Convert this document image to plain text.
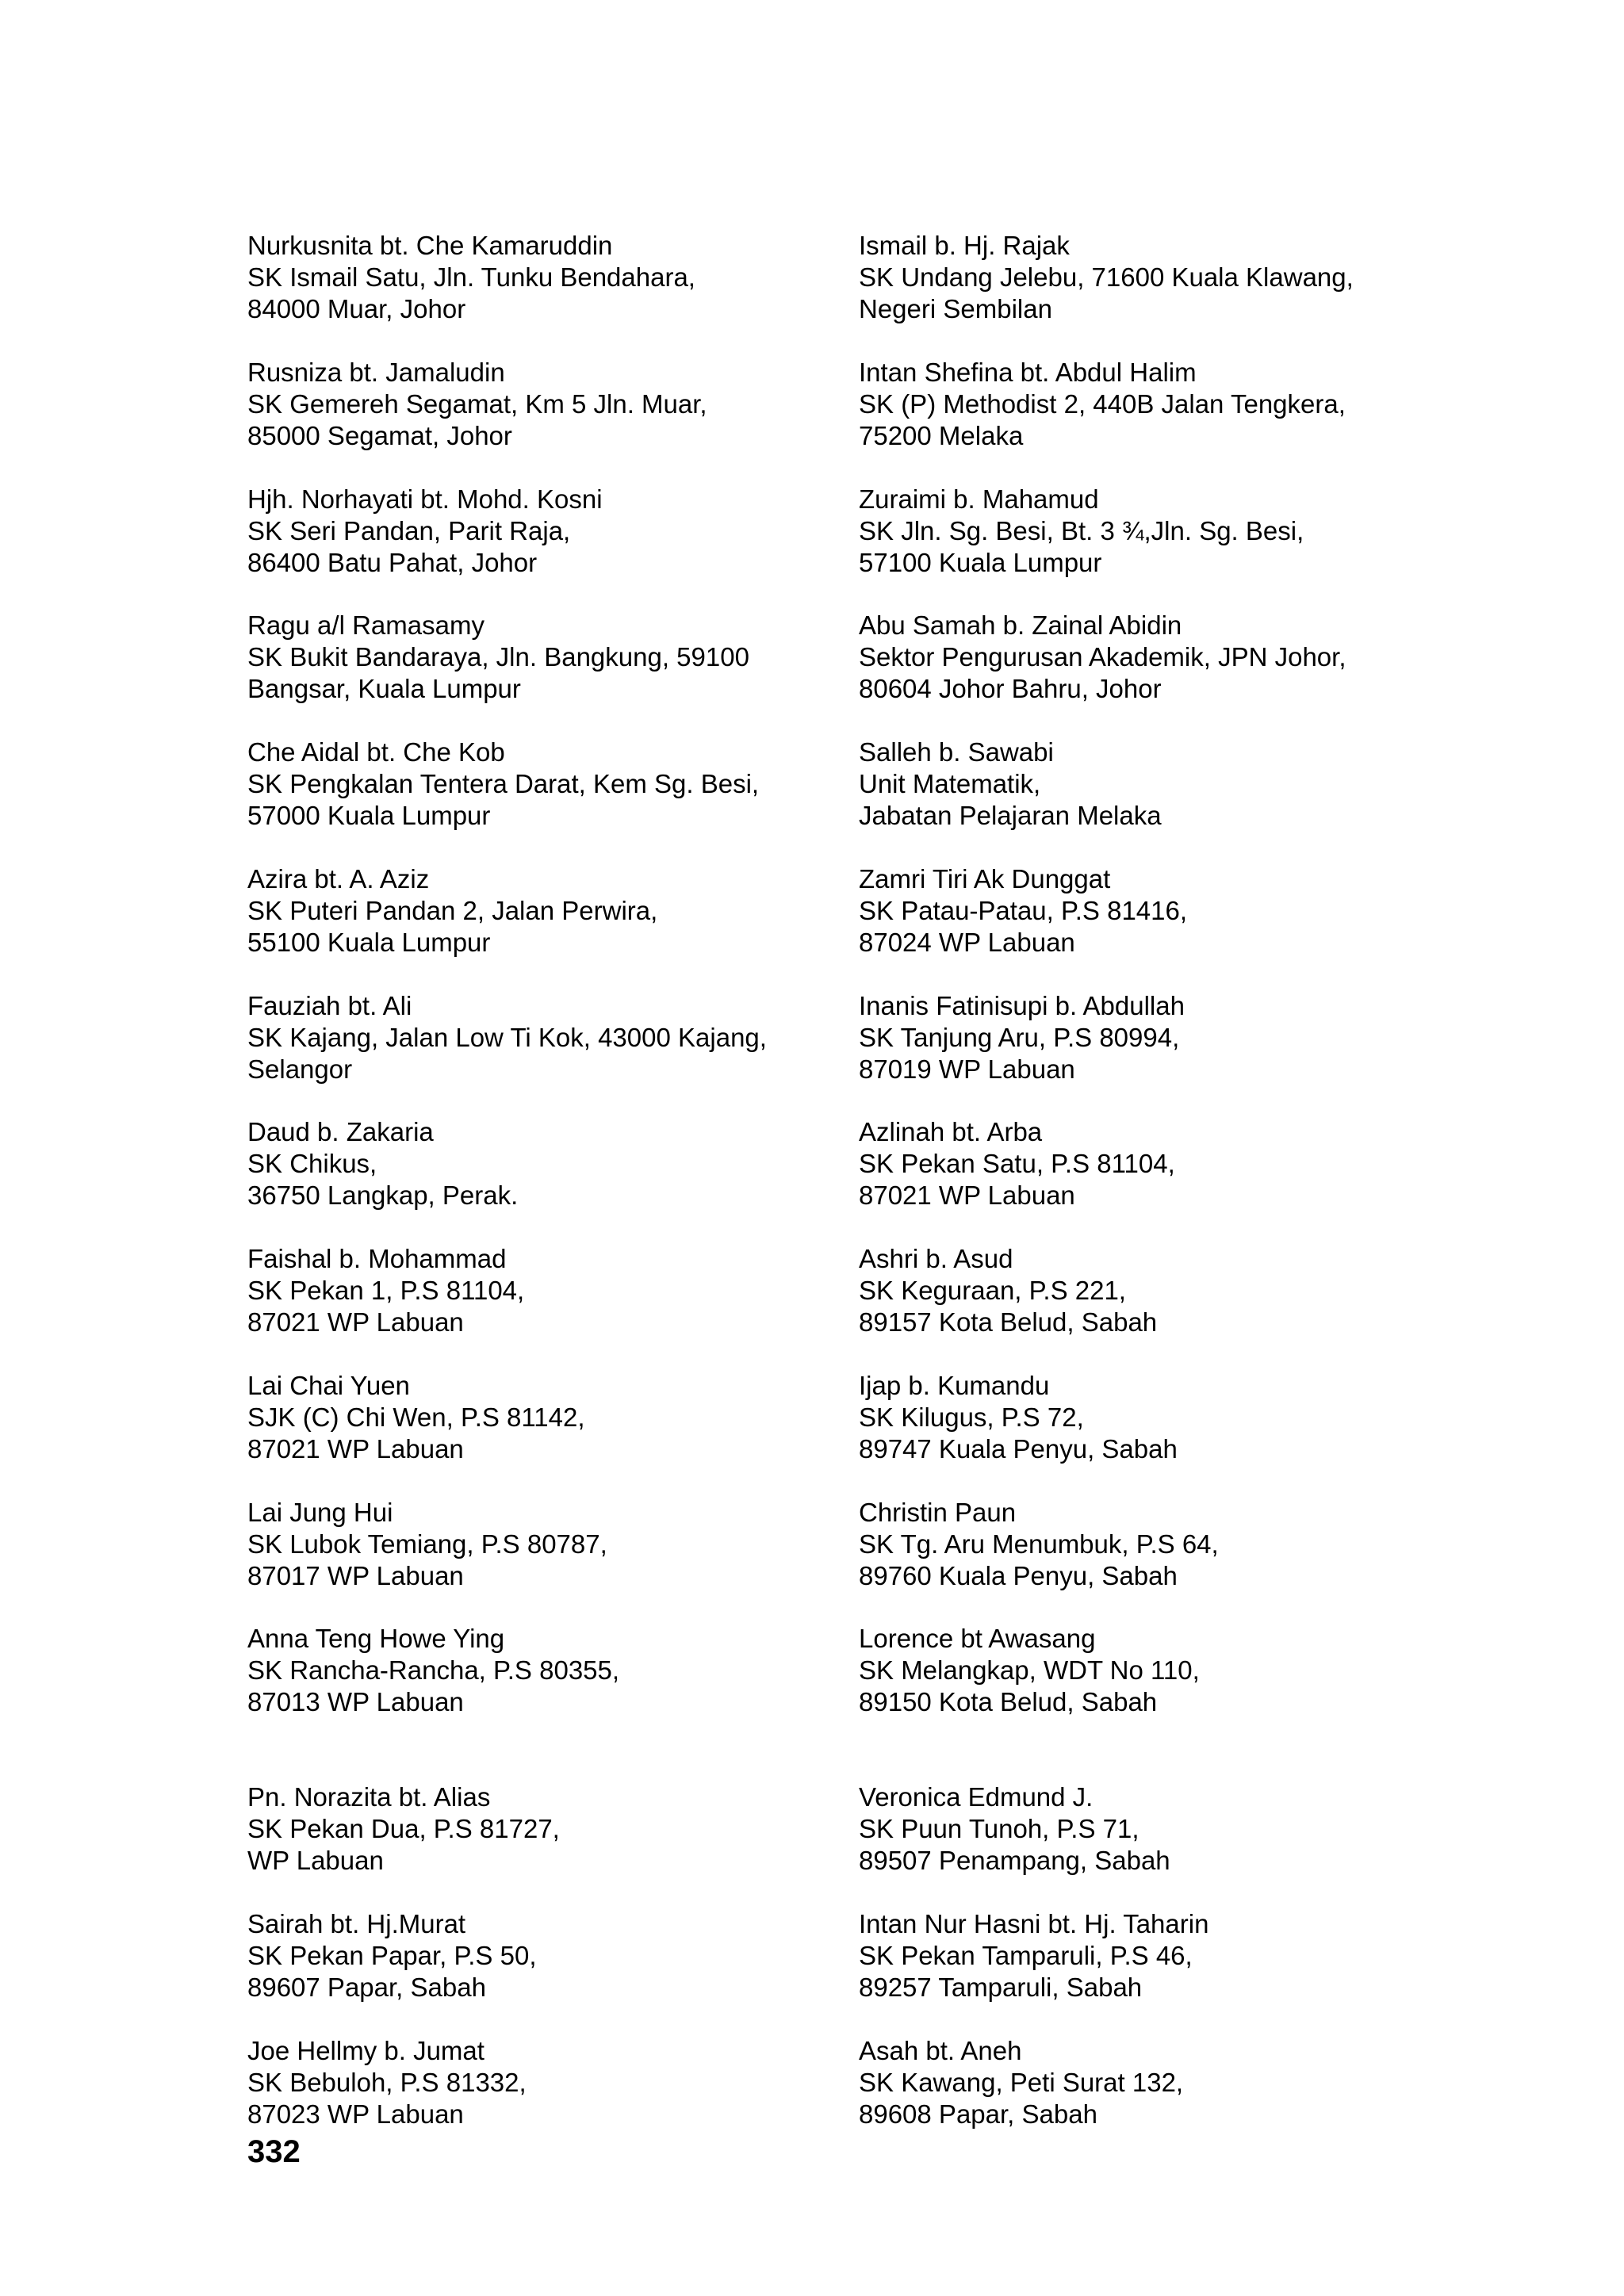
Nurkusnita bt. Che Kamaruddin
SK Ismail Satu, Jln. Tunku Bendahara,
84000 Muar, Johor
Rusniza bt. Jamaludin
SK Gemereh Segamat, Km 5 Jln. Muar,
85000 Segamat, Johor
Hjh. Norhayati bt. Mohd. Kosni
SK Seri Pandan, Parit Raja,
86400 Batu Pahat, Johor
Ragu a/l Ramasamy
SK Bukit Bandaraya, Jln. Bangkung, 59100
Bangsar, Kuala Lumpur
Che Aidal bt. Che Kob
SK Pengkalan Tentera Darat, Kem Sg. Besi,
57000 Kuala Lumpur
Azira bt. A. Aziz
SK Puteri Pandan 2, Jalan Perwira,
55100 Kuala Lumpur
Fauziah bt. Ali
SK Kajang, Jalan Low Ti Kok, 43000 Kajang,
Selangor
Daud b. Zakaria
SK Chikus,
36750 Langkap, Perak.
Faishal b. Mohammad
SK Pekan 1, P.S 81104,
87021 WP Labuan
Lai Chai Yuen
SJK (C) Chi Wen, P.S 81142,
87021 WP Labuan
Lai Jung Hui
SK Lubok Temiang, P.S 80787,
87017 WP Labuan
Anna Teng Howe Ying
SK Rancha-Rancha, P.S 80355,
87013 WP Labuan
Pn. Norazita bt. Alias
SK Pekan Dua, P.S 81727,
WP Labuan
Sairah bt. Hj.Murat
SK Pekan Papar, P.S 50,
89607 Papar, Sabah
Joe Hellmy b. Jumat
SK Bebuloh, P.S 81332,
87023 WP Labuan
Ismail b. Hj. Rajak
SK Undang Jelebu, 71600 Kuala Klawang,
Negeri Sembilan
Intan Shefina bt. Abdul Halim
SK (P) Methodist 2, 440B Jalan Tengkera,
75200 Melaka
Zuraimi b. Mahamud
SK Jln. Sg. Besi, Bt. 3 ¾,Jln. Sg. Besi,
57100 Kuala Lumpur
Abu Samah b. Zainal Abidin
Sektor Pengurusan Akademik, JPN Johor,
80604 Johor Bahru, Johor
Salleh b. Sawabi
Unit Matematik,
Jabatan Pelajaran Melaka
Zamri Tiri Ak Dunggat
SK Patau-Patau, P.S 81416,
87024 WP Labuan
Inanis Fatinisupi b. Abdullah
SK Tanjung Aru, P.S 80994,
87019 WP Labuan
Azlinah bt. Arba
SK Pekan Satu, P.S 81104,
87021 WP Labuan
Ashri b. Asud
SK Keguraan, P.S 221,
89157 Kota Belud, Sabah
Ijap b. Kumandu
SK Kilugus, P.S 72,
89747 Kuala Penyu, Sabah
Christin Paun
SK Tg. Aru Menumbuk, P.S 64,
89760 Kuala Penyu, Sabah
Lorence bt Awasang
SK Melangkap, WDT No 110,
89150 Kota Belud, Sabah
Veronica Edmund J.
SK Puun Tunoh, P.S 71,
89507 Penampang, Sabah
Intan Nur Hasni bt. Hj. Taharin
SK Pekan Tamparuli, P.S 46,
89257 Tamparuli, Sabah
Asah bt. Aneh
SK Kawang, Peti Surat 132,
89608 Papar, Sabah
332
